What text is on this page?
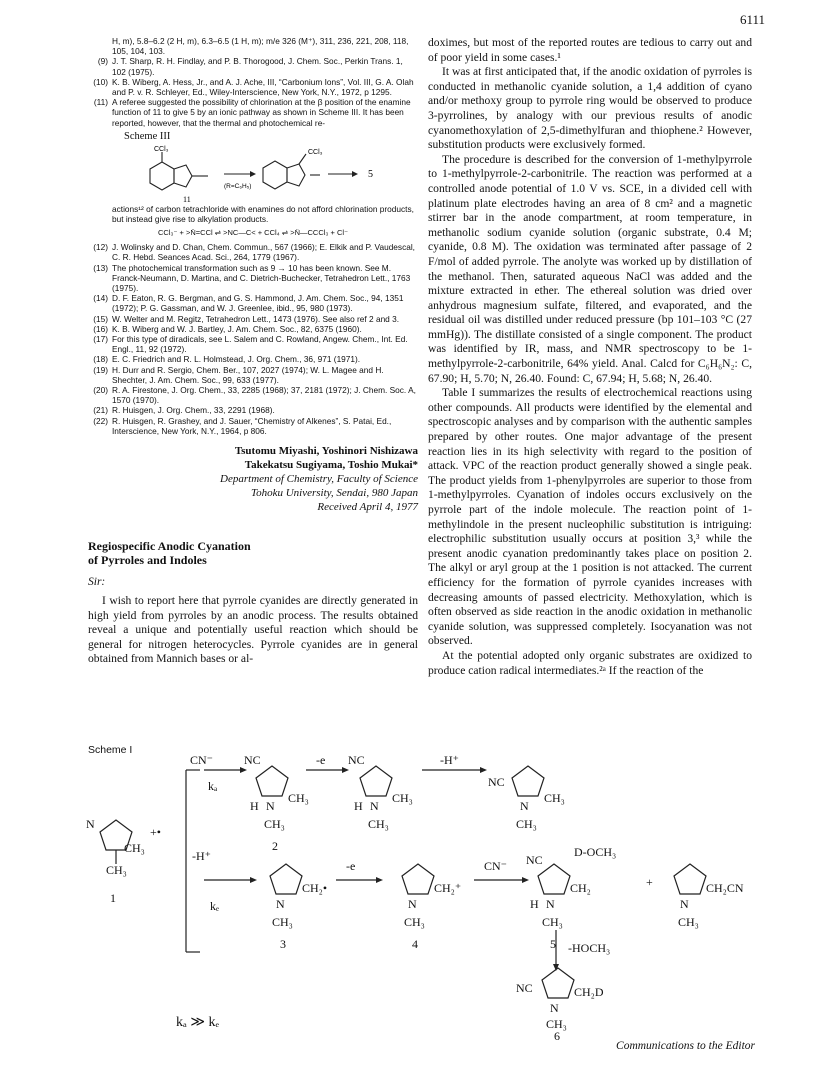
6111
H, m), 5.8–6.2 (2 H, m), 6.3–6.5 (1 H, m); m/e 326 (M⁺), 311, 236, 221, 208, 118, 105, 104, 103.
(9) J. T. Sharp, R. H. Findlay, and P. B. Thorogood, J. Chem. Soc., Perkin Trans. 1, 102 (1975).
(10) K. B. Wiberg, A. Hess, Jr., and A. J. Ache, III, “Carbonium Ions”, Vol. III, G. A. Olah and P. v. R. Schleyer, Ed., Wiley-Interscience, New York, N.Y., 1972, p 1295.
(11) A referee suggested the possibility of chlorination at the β position of the enamine function of 11 to give 5 by an ionic pathway as shown in Scheme III. It has been reported, however, that the thermal and photochemical re-
Scheme III
CCl₃	CCl₃
(R=C₆H₅)
5
11
actions¹² of carbon tetrachloride with enamines do not afford chlorination products, but instead give rise to alkylation products.
CCl₃⁻ + >N̈=CCl ⇌ >NC—C< + CCl₄ ⇌ >N̈—CCCl₃ + Cl⁻
(12) J. Wolinsky and D. Chan, Chem. Commun., 567 (1966); E. Elkik and P. Vaudescal, C. R. Hebd. Seances Acad. Sci., 264, 1779 (1967).
(13) The photochemical transformation such as 9 → 10 has been known. See M. Franck-Neumann, D. Martina, and C. Dietrich-Buchecker, Tetrahedron Lett., 1763 (1975).
(14) D. F. Eaton, R. G. Bergman, and G. S. Hammond, J. Am. Chem. Soc., 94, 1351 (1972); P. G. Gassman, and W. J. Greenlee, ibid., 95, 980 (1973).
(15) W. Welter and M. Regitz, Tetrahedron Lett., 1473 (1976). See also ref 2 and 3.
(16) K. B. Wiberg and W. J. Bartley, J. Am. Chem. Soc., 82, 6375 (1960).
(17) For this type of diradicals, see L. Salem and C. Rowland, Angew. Chem., Int. Ed. Engl., 11, 92 (1972).
(18) E. C. Friedrich and R. L. Holmstead, J. Org. Chem., 36, 971 (1971).
(19) H. Durr and R. Sergio, Chem. Ber., 107, 2027 (1974); W. L. Magee and H. Shechter, J. Am. Chem. Soc., 99, 633 (1977).
(20) R. A. Firestone, J. Org. Chem., 33, 2285 (1968); 37, 2181 (1972); J. Chem. Soc. A, 1570 (1970).
(21) R. Huisgen, J. Org. Chem., 33, 2291 (1968).
(22) R. Huisgen, R. Grashey, and J. Sauer, “Chemistry of Alkenes”, S. Patai, Ed., Interscience, New York, N.Y., 1964, p 806.
Tsutomu Miyashi, Yoshinori Nishizawa
Takekatsu Sugiyama, Toshio Mukai*
Department of Chemistry, Faculty of Science
Tohoku University, Sendai, 980 Japan
Received April 4, 1977
Regiospecific Anodic Cyanation
of Pyrroles and Indoles
Sir:

I wish to report here that pyrrole cyanides are directly generated in high yield from pyrroles by an anodic process. The results obtained reveal a unique and potentially useful reaction which should be general for nitrogen heterocycles. Pyrrole cyanides are in general obtained from Mannich bases or al-

doximes, but most of the reported routes are tedious to carry out and of poor yield in some cases.¹

It was at first anticipated that, if the anodic oxidation of pyrroles is conducted in methanolic cyanide solution, a 1,4 addition of cyano and/or methoxy group to pyrrole ring would be observed to produce 3-pyrrolines, by analogy with our previous results of anodic cyanomethoxylation of 2,5-dimethylfuran and thiophene.² However, substitution products were exclusively formed.

The procedure is described for the conversion of 1-methylpyrrole to 1-methylpyrrole-2-carbonitrile. The reaction was performed at a controlled anode potential of 1.0 V vs. SCE, in a divided cell with platinum plate electrodes having an area of 8 cm² and a magnetic stirrer bar in the anode compartment, at room temperature, in methanolic sodium cyanide solution (organic substrate, 0.4 M; cyanide, 0.8 M). The oxidation was terminated after passage of 2 F/mol of added pyrrole. The anolyte was worked up by distillation of the methanol. Then, saturated aqueous NaCl was added and the mixture extracted in ether. The ethereal solution was dried over anhydrous magnesium sulfate, filtered, and evaporated, and the residual oil was distilled under reduced pressure (bp 101–103 °C (27 mmHg)). The distillate consisted of a single component. The product was identified by IR, mass, and NMR spectroscopy to be 1-methylpyrrole-2-carbonitrile, 64% yield. Anal. Calcd for C₆H₆N₂: C, 67.90; H, 5.70; N, 26.40. Found: C, 67.94; H, 5.68; N, 26.40.

Table I summarizes the results of electrochemical reactions using other compounds. All products were identified by the elemental and spectroscopic analyses and by comparison with the authentic samples prepared by other routes. One major advantage of the present reaction lies in its high selectivity with regard to the position of attack. VPC of the reaction product generally showed a single peak. The product yields from 1-phenylpyrroles are superior to those from 1-methylpyrroles. Cyanation of indoles occurs exclusively on the pyrrole part of the indole molecule. The reaction point of 1-methylindole in the present nucleophilic substitution is intriguing: electrophilic substitution usually occurs at position 3,³ while the present anodic cyanation predominantly takes place on position 2. The alkyl or aryl group at the 1 position is not attacked. The current efficiency for the formation of pyrrole cyanides increases with decreasing amounts of passed electricity. Methoxylation, which is often observed as side reaction in the anodic oxidation in methanolic cyanide solution, was suppressed completely. Isocyanation was not observed.

At the potential adopted only organic substrates are oxidized to produce cation radical intermediates.²ᵃ If the reaction of the

Scheme I
CN⁻	-e	-H⁺
kₐ
+•
-H⁺
kₑ
-e	CN⁻
N
CH₃
CH₃
1
NC
H N
CH₃
CH₃
2
NC
H N
CH₃
CH₃
NC
N
CH₃
CH₃
N
CH₂•
CH₃
3
N
CH₂⁺
CH₃
4
NC
D-OCH₃
H N
CH₂
CH₃
5
+
N
CH₂CN
CH₃
-HOCH₃
NC
N
CH₂D
CH₃
6
kₐ ≫ kₑ
Communications to the Editor
